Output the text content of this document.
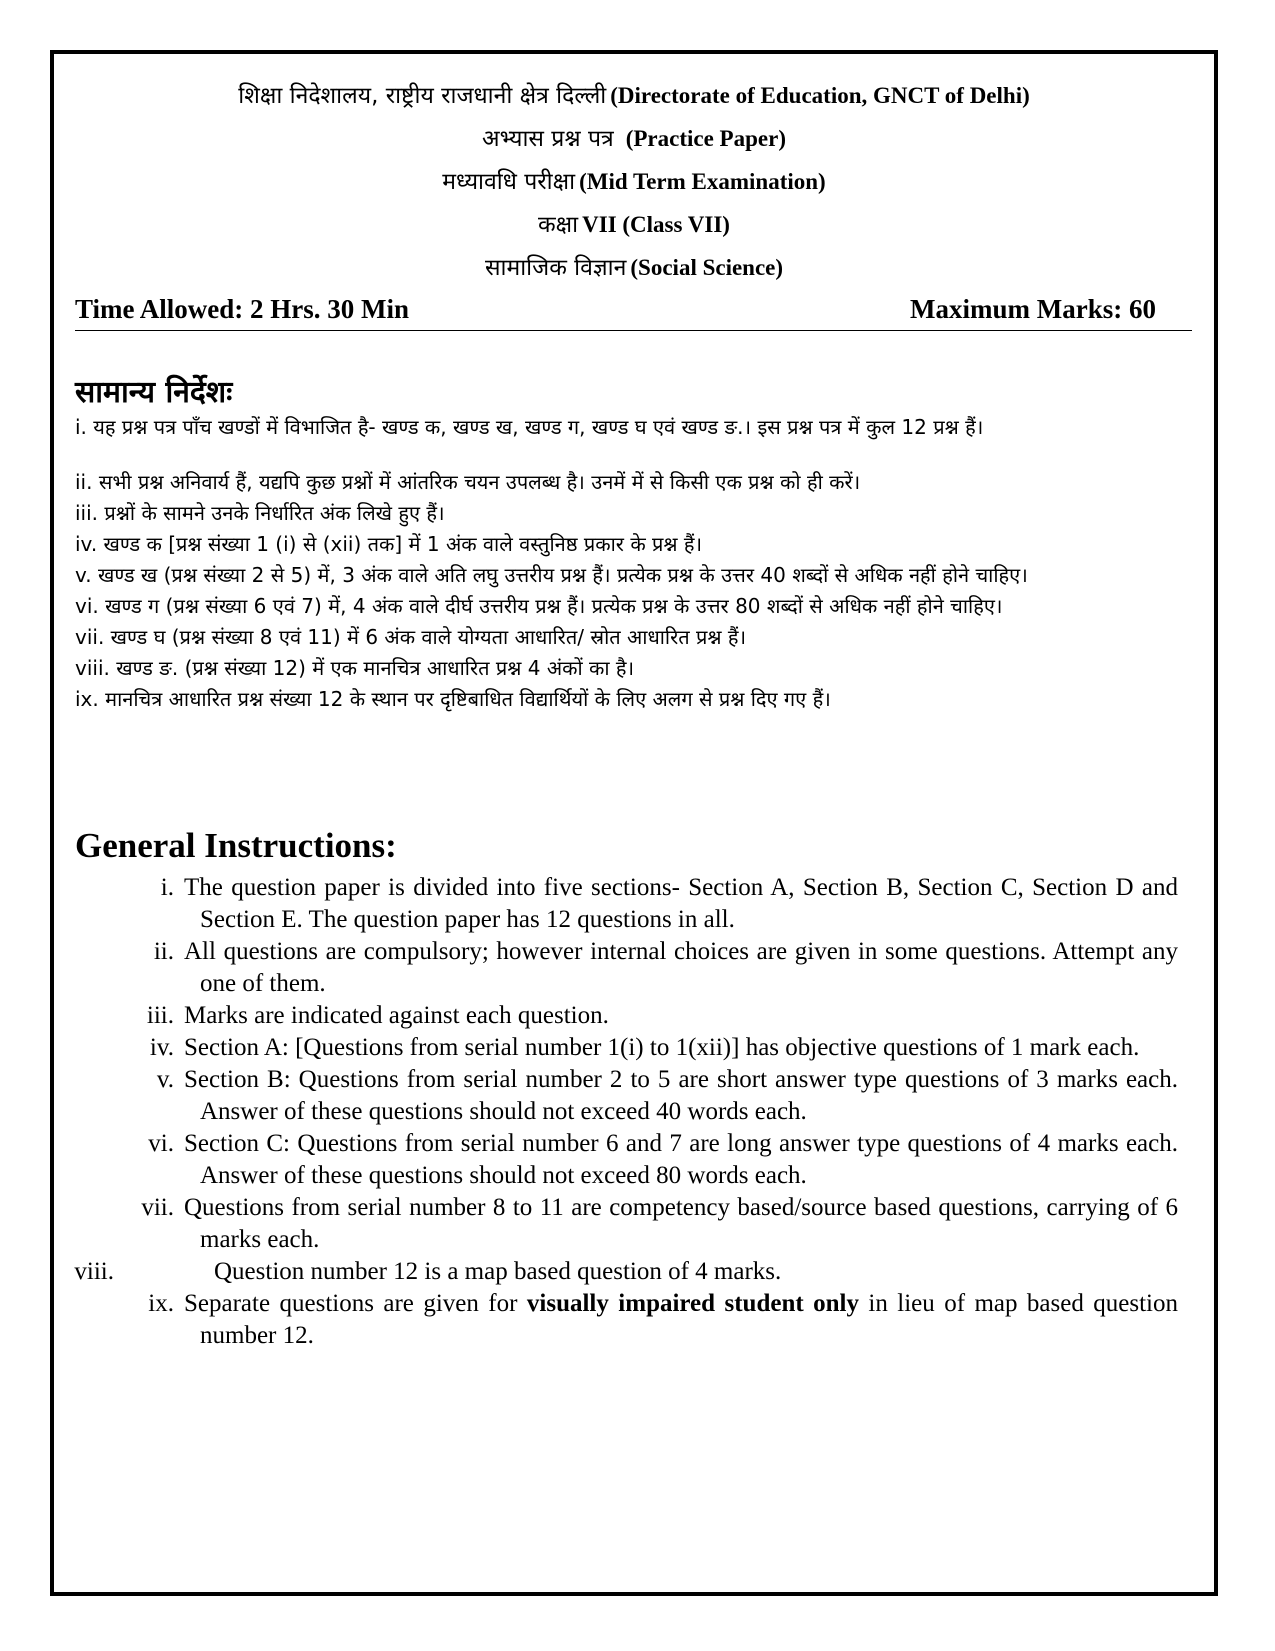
शिक्षा निदेशालय, राष्ट्रीय राजधानी क्षेत्र दिल्ली (Directorate of Education, GNCT of Delhi)
अभ्यास प्रश्न पत्र (Practice Paper)
मध्यावधि परीक्षा (Mid Term Examination)
कक्षा VII (Class VII)
सामाजिक विज्ञान (Social Science)
Time Allowed: 2 Hrs. 30 Min	Maximum Marks: 60
सामान्य निर्देशः

i. यह प्रश्न पत्र पाँच खण्डों में विभाजित है- खण्ड क, खण्ड ख, खण्ड ग, खण्ड घ एवं खण्ड ङ.। इस प्रश्न पत्र में कुल 12 प्रश्न हैं।

ii. सभी प्रश्न अनिवार्य हैं, यद्यपि कुछ प्रश्नों में आंतरिक चयन उपलब्ध है। उनमें में से किसी एक प्रश्न को ही करें।

iii. प्रश्नों के सामने उनके निर्धारित अंक लिखे हुए हैं।

iv. खण्ड क [प्रश्न संख्या 1 (i) से (xii) तक] में 1 अंक वाले वस्तुनिष्ठ प्रकार के प्रश्न हैं।

v. खण्ड ख (प्रश्न संख्या 2 से 5) में, 3 अंक वाले अति लघु उत्तरीय प्रश्न हैं। प्रत्येक प्रश्न के उत्तर 40 शब्दों से अधिक नहीं होने चाहिए।

vi. खण्ड ग (प्रश्न संख्या 6 एवं 7) में, 4 अंक वाले दीर्घ उत्तरीय प्रश्न हैं। प्रत्येक प्रश्न के उत्तर 80 शब्दों से अधिक नहीं होने चाहिए।

vii. खण्ड घ (प्रश्न संख्या 8 एवं 11) में 6 अंक वाले योग्यता आधारित/ स्रोत आधारित प्रश्न हैं।

viii. खण्ड ङ. (प्रश्न संख्या 12) में एक मानचित्र आधारित प्रश्न 4 अंकों का है।

ix. मानचित्र आधारित प्रश्न संख्या 12 के स्थान पर दृष्टिबाधित विद्यार्थियों के लिए अलग से प्रश्न दिए गए हैं।

General Instructions:
i. The question paper is divided into five sections- Section A, Section B, Section C, Section D and Section E. The question paper has 12 questions in all.
ii. All questions are compulsory; however internal choices are given in some questions. Attempt any one of them.
iii. Marks are indicated against each question.
iv. Section A: [Questions from serial number 1(i) to 1(xii)] has objective questions of 1 mark each.
v. Section B: Questions from serial number 2 to 5 are short answer type questions of 3 marks each. Answer of these questions should not exceed 40 words each.
vi. Section C: Questions from serial number 6 and 7 are long answer type questions of 4 marks each. Answer of these questions should not exceed 80 words each.
vii. Questions from serial number 8 to 11 are competency based/source based questions, carrying of 6 marks each.
viii.	Question number 12 is a map based question of 4 marks.
ix. Separate questions are given for visually impaired student only in lieu of map based question number 12.
